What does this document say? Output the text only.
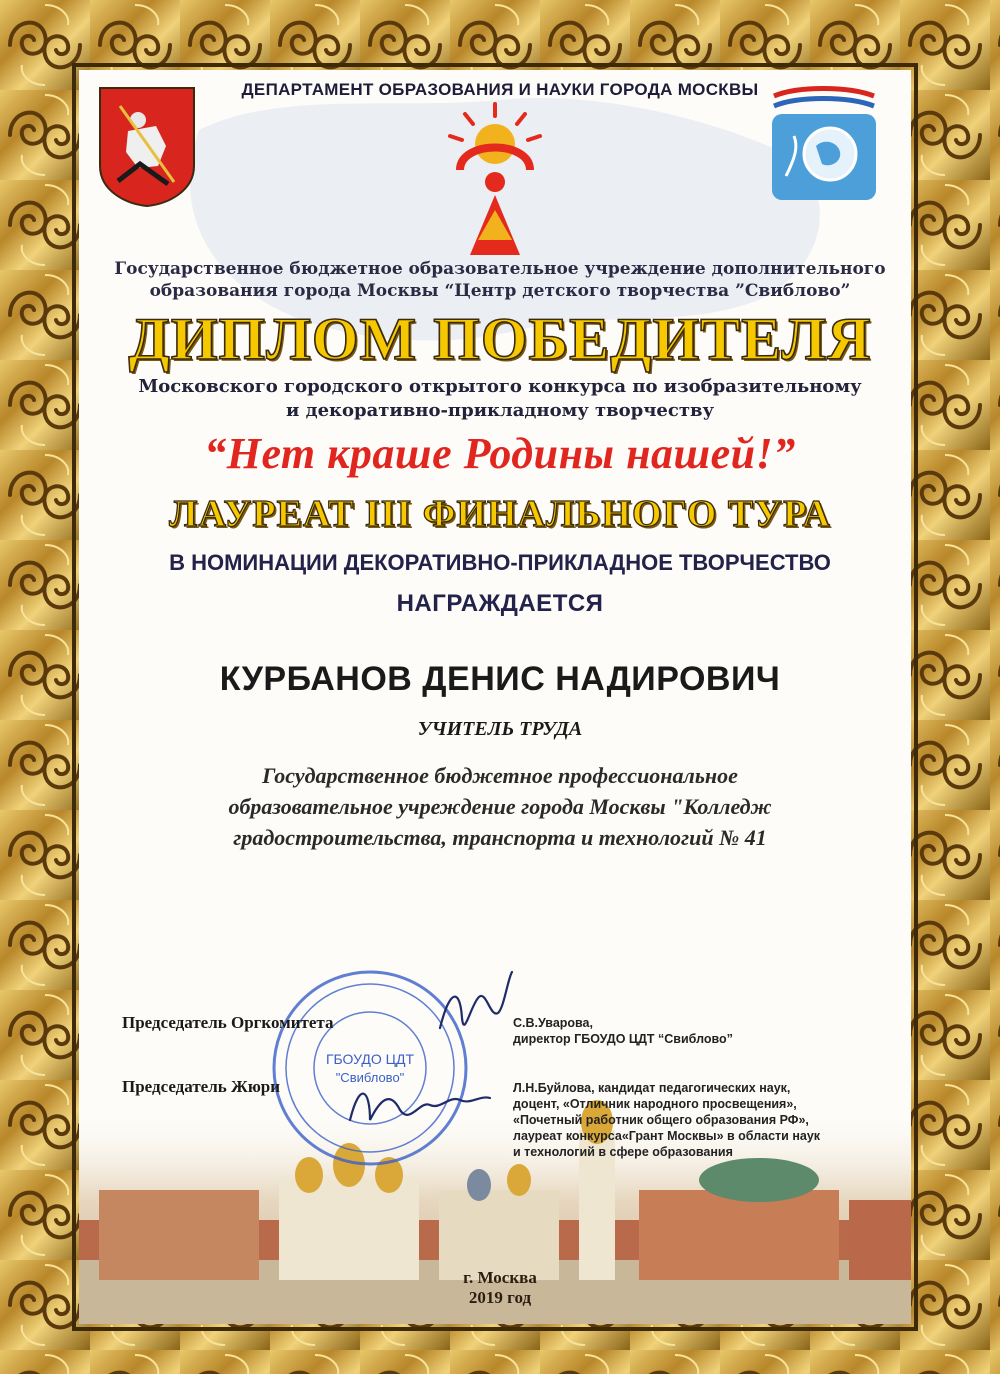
ДЕПАРТАМЕНТ ОБРАЗОВАНИЯ И НАУКИ ГОРОДА МОСКВЫ
Государственное бюджетное образовательное учреждение дополнительного
образования города Москвы “Центр детского творчества ”Свиблово”
ДИПЛОМ ПОБЕДИТЕЛЯ
Московского городского открытого конкурса по изобразительному
и декоративно-прикладному творчеству
“Нет краше Родины нашей!”
ЛАУРЕАТ III ФИНАЛЬНОГО ТУРА
В НОМИНАЦИИ ДЕКОРАТИВНО-ПРИКЛАДНОЕ ТВОРЧЕСТВО
НАГРАЖДАЕТСЯ
КУРБАНОВ ДЕНИС НАДИРОВИЧ
УЧИТЕЛЬ ТРУДА
Государственное бюджетное профессиональное
образовательное учреждение города Москвы "Колледж
градостроительства, транспорта и технологий № 41
ГБОУДО ЦДТ
"Свиблово"
Председатель Оргкомитета	С.В.Уварова,
директор ГБОУДО ЦДТ “Свиблово”
Председатель Жюри	Л.Н.Буйлова, кандидат педагогических наук,
доцент, «Отличник народного просвещения»,
«Почетный работник общего образования РФ»,
лауреат конкурса«Грант Москвы» в области наук
и технологий в сфере образования
г. Москва
2019 год
